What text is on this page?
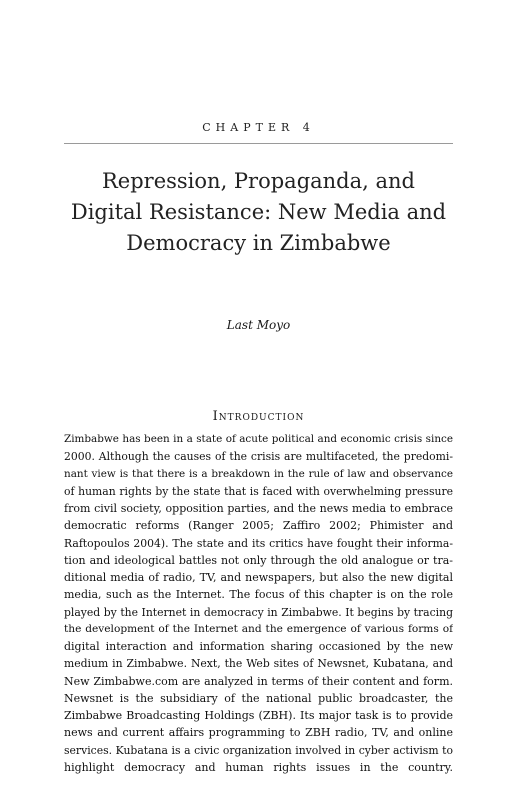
CHAPTER 4
Repression, Propaganda, and
Digital Resistance: New Media and
Democracy in Zimbabwe
Last Moyo
Introduction
Zimbabwe has been in a state of acute political and economic crisis since
2000. Although the causes of the crisis are multifaceted, the predomi-
nant view is that there is a breakdown in the rule of law and observance
of human rights by the state that is faced with overwhelming pressure
from civil society, opposition parties, and the news media to embrace
democratic reforms (Ranger 2005; Zaffiro 2002; Phimister and
Raftopoulos 2004). The state and its critics have fought their informa-
tion and ideological battles not only through the old analogue or tra-
ditional media of radio, TV, and newspapers, but also the new digital
media, such as the Internet. The focus of this chapter is on the role
played by the Internet in democracy in Zimbabwe. It begins by tracing
the development of the Internet and the emergence of various forms of
digital interaction and information sharing occasioned by the new
medium in Zimbabwe. Next, the Web sites of Newsnet, Kubatana, and
New Zimbabwe.com are analyzed in terms of their content and form.
Newsnet is the subsidiary of the national public broadcaster, the
Zimbabwe Broadcasting Holdings (ZBH). Its major task is to provide
news and current affairs programming to ZBH radio, TV, and online
services. Kubatana is a civic organization involved in cyber activism to
highlight democracy and human rights issues in the country.
